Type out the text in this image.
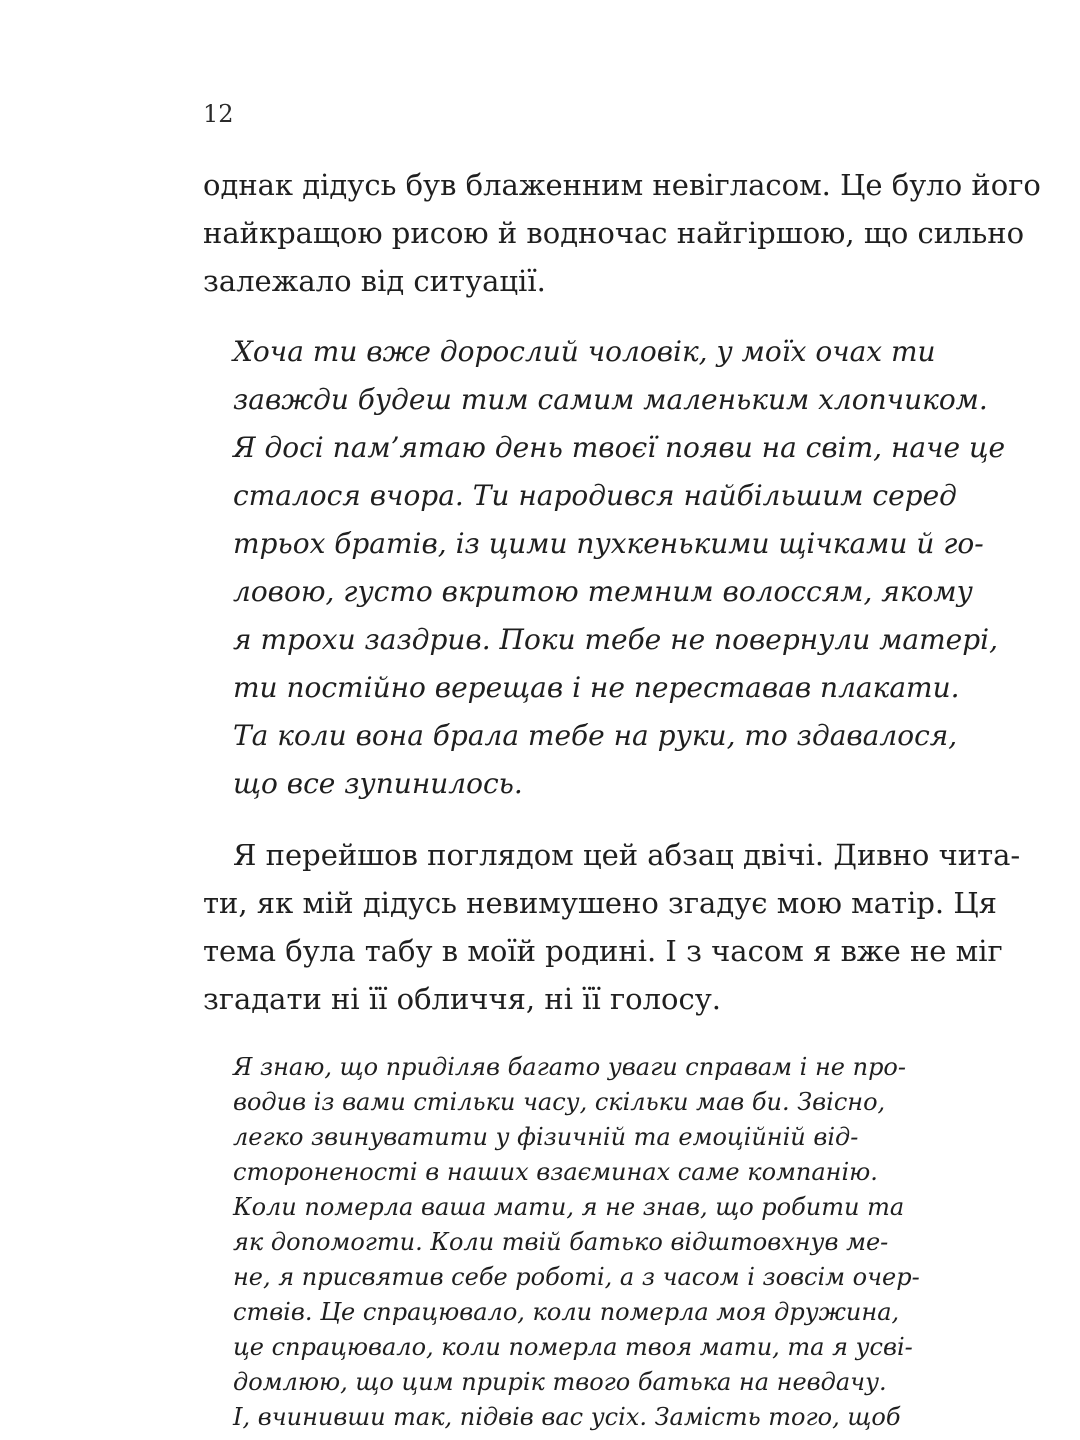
12
однак дідусь був блаженним невігласом. Це було його
найкращою рисою й водночас найгіршою, що сильно
залежало від ситуації.
Хоча ти вже дорослий чоловік, у моїх очах ти
завжди будеш тим самим маленьким хлопчиком.
Я досі пам’ятаю день твоєї появи на світ, наче це
сталося вчора. Ти народився найбільшим серед
трьох братів, із цими пухкенькими щічками й го-
ловою, густо вкритою темним волоссям, якому
я трохи заздрив. Поки тебе не повернули матері,
ти постійно верещав і не переставав плакати.
Та коли вона брала тебе на руки, то здавалося,
що все зупинилось.
Я перейшов поглядом цей абзац двічі. Дивно чита-
ти, як мій дідусь невимушено згадує мою матір. Ця
тема була табу в моїй родині. І з часом я вже не міг
згадати ні її обличчя, ні її голосу.
Я знаю, що приділяв багато уваги справам і не про-
водив із вами стільки часу, скільки мав би. Звісно,
легко звинуватити у фізичній та емоційній від-
стороненості в наших взаєминах саме компанію.
Коли померла ваша мати, я не знав, що робити та
як допомогти. Коли твій батько відштовхнув ме-
не, я присвятив себе роботі, а з часом і зовсім очер-
ствів. Це спрацювало, коли померла моя дружина,
це спрацювало, коли померла твоя мати, та я усві-
домлюю, що цим прирік твого батька на невдачу.
І, вчинивши так, підвів вас усіх. Замість того, щоб
